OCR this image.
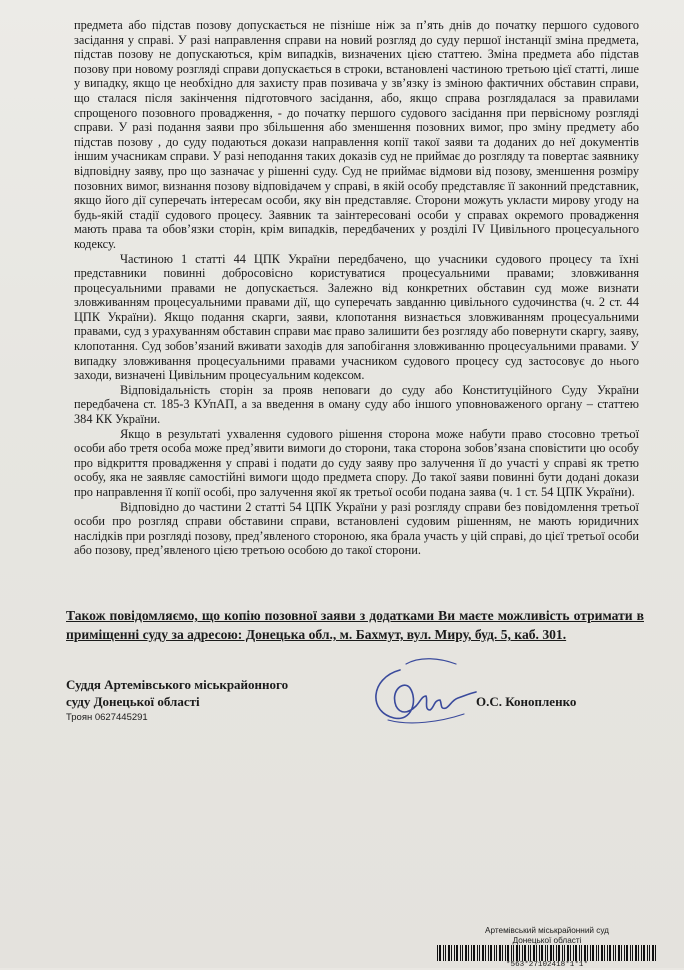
предмета або підстав позову допускається не пізніше ніж за п’ять днів до початку першого судового засідання у справі. У разі направлення справи на новий розгляд до суду першої інстанції зміна предмета, підстав позову не допускаються, крім випадків, визначених цією статтею. Зміна предмета або підстав позову при новому розгляді справи допускається в строки, встановлені частиною третьою цієї статті, лише у випадку, якщо це необхідно для захисту прав позивача у зв’язку із зміною фактичних обставин справи, що сталася після закінчення підготовчого засідання, або, якщо справа розглядалася за правилами спрощеного позовного провадження, - до початку першого судового засідання при первісному розгляді справи. У разі подання заяви про збільшення або зменшення позовних вимог, про зміну предмету або підстав позову , до суду подаються докази направлення копії такої заяви та доданих до неї документів іншим учасникам справи. У разі неподання таких доказів суд не приймає до розгляду та повертає заявнику відповідну заяву, про що зазначає у рішенні суду. Суд не приймає відмови від позову, зменшення розміру позовних вимог, визнання позову відповідачем у справі, в якій особу представляє її законний представник, якщо його дії суперечать інтересам особи, яку він представляє. Сторони можуть укласти мирову угоду на будь-якій стадії судового процесу. Заявник та заінтересовані особи у справах окремого провадження мають права та обов’язки сторін, крім випадків, передбачених у розділі IV Цивільного процесуального кодексу.

Частиною 1 статті 44 ЦПК України передбачено, що учасники судового процесу та їхні представники повинні добросовісно користуватися процесуальними правами; зловживання процесуальними правами не допускається. Залежно від конкретних обставин суд може визнати зловживанням процесуальними правами дії, що суперечать завданню цивільного судочинства (ч. 2 ст. 44 ЦПК України). Якщо подання скарги, заяви, клопотання визнається зловживанням процесуальними правами, суд з урахуванням обставин справи має право залишити без розгляду або повернути скаргу, заяву, клопотання. Суд зобов’язаний вживати заходів для запобігання зловживанню процесуальними правами. У випадку зловживання процесуальними правами учасником судового процесу суд застосовує до нього заходи, визначені Цивільним процесуальним кодексом.

Відповідальність сторін за прояв неповаги до суду або Конституційного Суду України передбачена ст. 185-3 КУпАП, а за введення в оману суду або іншого уповноваженого органу – статтею 384 КК України.

Якщо в результаті ухвалення судового рішення сторона може набути право стосовно третьої особи або третя особа може пред’явити вимоги до сторони, така сторона зобов’язана сповістити цю особу про відкриття провадження у справі і подати до суду заяву про залучення її до участі у справі як третю особу, яка не заявляє самостійні вимоги щодо предмета спору. До такої заяви повинні бути додані докази про направлення її копії особі, про залучення якої як третьої особи подана заява (ч. 1 ст. 54 ЦПК України).

Відповідно до частини 2 статті 54 ЦПК України у разі розгляду справи без повідомлення третьої особи про розгляд справи обставини справи, встановлені судовим рішенням, не мають юридичних наслідків при розгляді позову, пред’явленого стороною, яка брала участь у цій справі, до цієї третьої особи або позову, пред’явленого цією третьою особою до такої сторони.

Також повідомляємо, що копію позовної заяви з додатками Ви маєте можливість отримати в приміщенні суду за адресою: Донецька обл., м. Бахмут, вул. Миру, буд. 5, каб. 301.
Суддя Артемівського міськрайонного
суду Донецької області
Троян 0627445291
О.С. Конопленко
Артемівський міськрайонний суд
Донецької області
*563*27102418*1*1*
